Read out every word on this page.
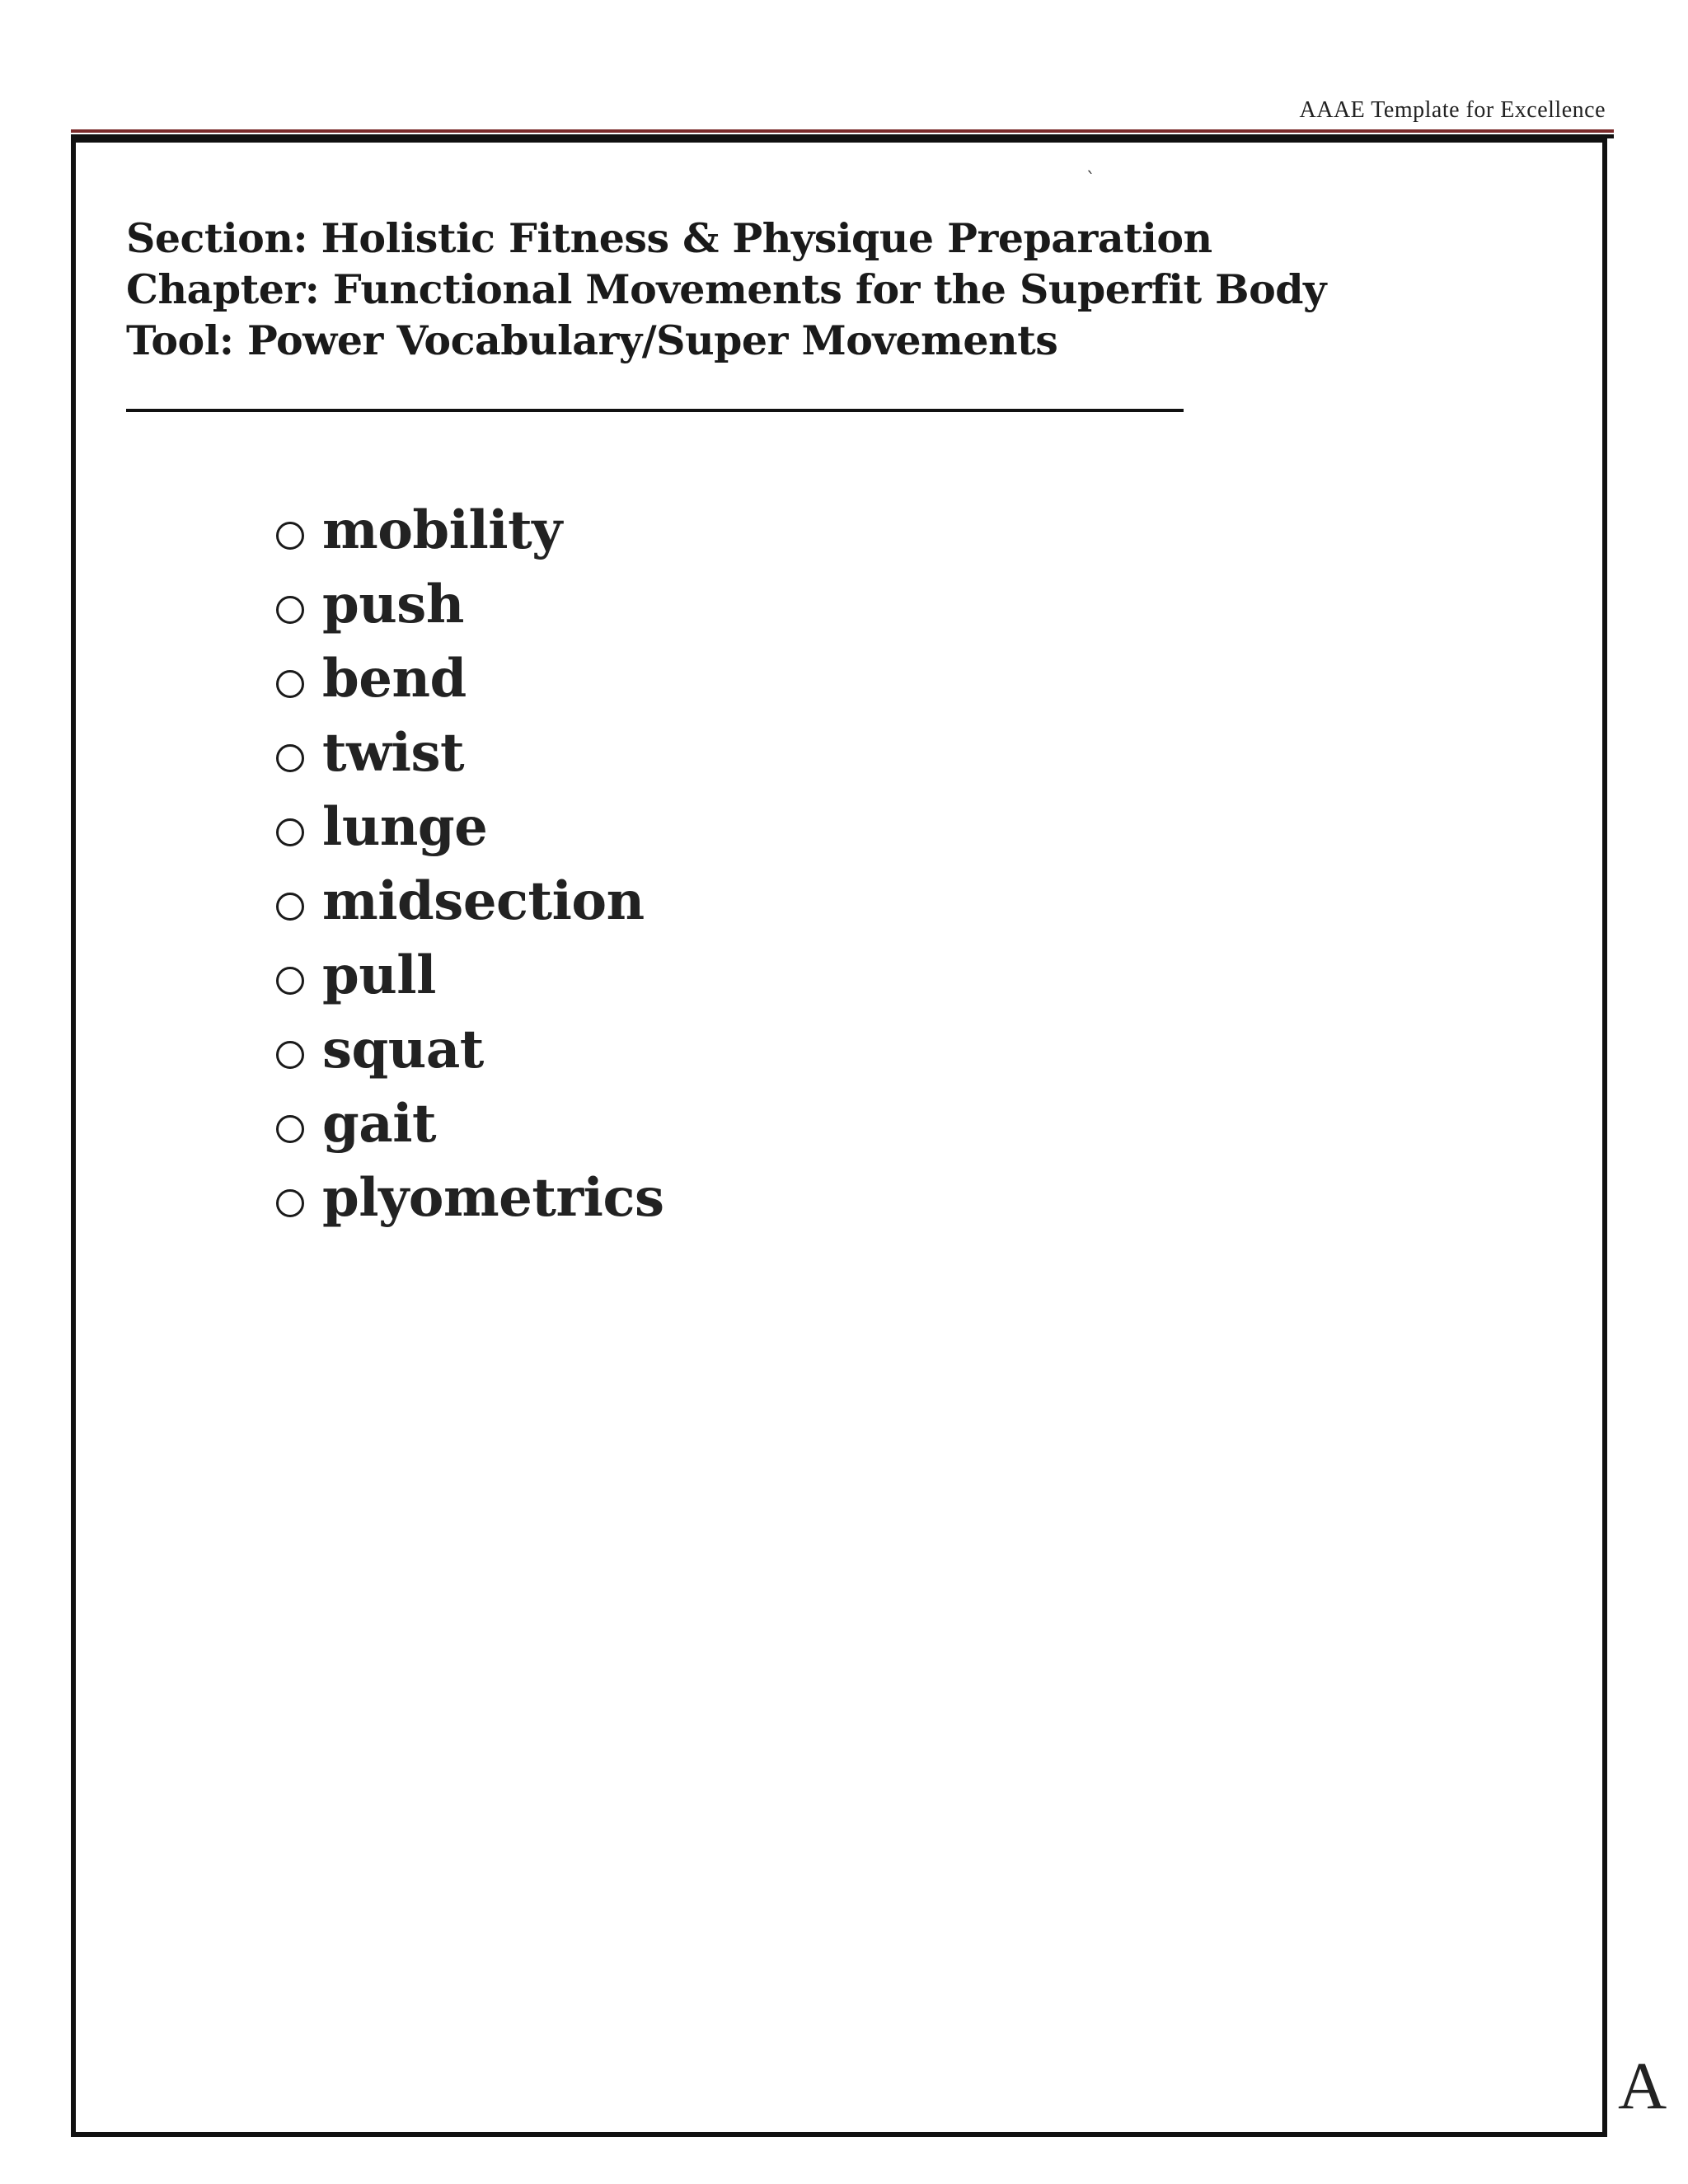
AAAE Template for Excellence
`
Section: Holistic Fitness & Physique Preparation
Chapter: Functional Movements for the Superfit Body
Tool: Power Vocabulary/Super Movements
mobility
push
bend
twist
lunge
midsection
pull
squat
gait
plyometrics
A
